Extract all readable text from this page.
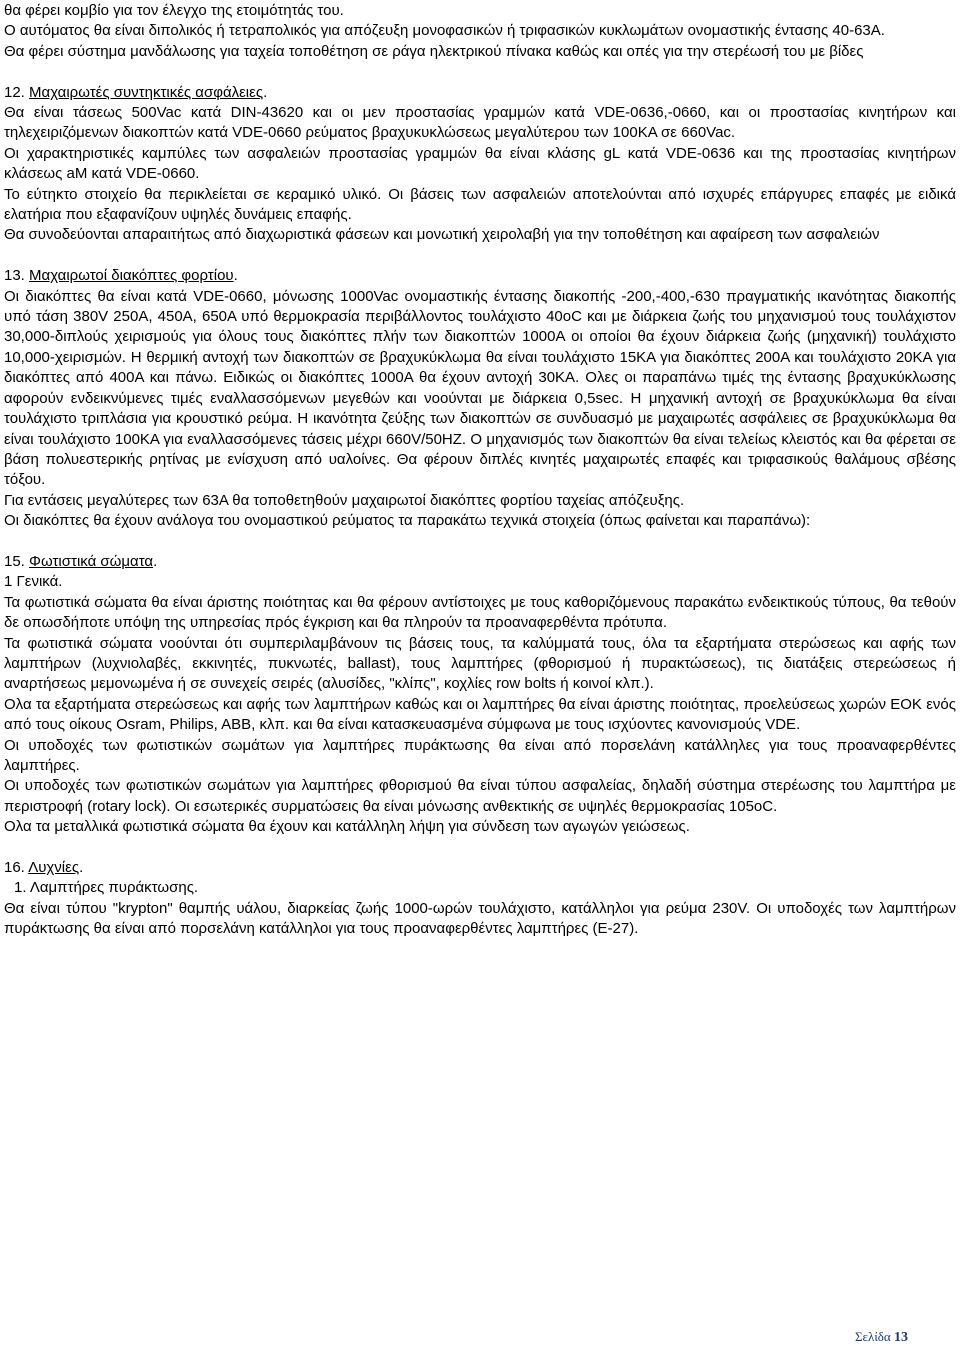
θα φέρει κομβίο για τον έλεγχο της ετοιμότητάς του.

Ο αυτόματος θα είναι διπολικός ή τετραπολικός για απόζευξη μονοφασικών ή τριφασικών κυκλωμάτων ονομαστικής έντασης 40-63Α.

Θα φέρει σύστημα μανδάλωσης για ταχεία τοποθέτηση σε ράγα ηλεκτρικού πίνακα καθώς και οπές για την στερέωσή του με βίδες

12. Μαχαιρωτές συντηκτικές ασφάλειες.

Θα είναι τάσεως 500Vac κατά DIN-43620 και οι μεν προστασίας γραμμών κατά VDE-0636,-0660, και οι προστασίας κινητήρων και τηλεχειριζόμενων διακοπτών κατά VDE-0660 ρεύματος βραχυκυκλώσεως μεγαλύτερου των 100ΚΑ σε 660Vac.

Οι χαρακτηριστικές καμπύλες των ασφαλειών προστασίας γραμμών θα είναι κλάσης gL κατά VDE-0636 και της προστασίας κινητήρων κλάσεως aM κατά VDE-0660.

Το εύτηκτο στοιχείο θα περικλείεται σε κεραμικό υλικό. Οι βάσεις των ασφαλειών αποτελούνται από ισχυρές επάργυρες επαφές με ειδικά ελατήρια που εξαφανίζουν υψηλές δυνάμεις επαφής.

Θα συνοδεύονται απαραιτήτως από διαχωριστικά φάσεων και μονωτική χειρολαβή για την τοποθέτηση και αφαίρεση των ασφαλειών

13. Μαχαιρωτοί διακόπτες φορτίου.

Οι διακόπτες θα είναι κατά VDE-0660, μόνωσης 1000Vac ονομαστικής έντασης διακοπής -200,-400,-630 πραγματικής ικανότητας διακοπής υπό τάση 380V 250A, 450A, 650A υπό θερμοκρασία περιβάλλοντος τουλάχιστο 40oC και με διάρκεια ζωής του μηχανισμού τους τουλάχιστον 30,000-διπλούς χειρισμούς για όλους τους διακόπτες πλήν των διακοπτών 1000Α οι οποίοι θα έχουν διάρκεια ζωής (μηχανική) τουλάχιστο 10,000-χειρισμών. Η θερμική αντοχή των διακοπτών σε βραχυκύκλωμα θα είναι τουλάχιστο 15ΚΑ για διακόπτες 200Α και τουλάχιστο 20ΚΑ για διακόπτες από 400Α και πάνω. Ειδικώς οι διακόπτες 1000Α θα έχουν αντοχή 30ΚΑ. Ολες οι παραπάνω τιμές της έντασης βραχυκύκλωσης αφορούν ενδεικνύμενες τιμές εναλλασσόμενων μεγεθών και νοούνται με διάρκεια 0,5sec. Η μηχανική αντοχή σε βραχυκύκλωμα θα είναι τουλάχιστο τριπλάσια για κρουστικό ρεύμα. Η ικανότητα ζεύξης των διακοπτών σε συνδυασμό με μαχαιρωτές ασφάλειες σε βραχυκύκλωμα θα είναι τουλάχιστο 100ΚΑ για εναλλασσόμενες τάσεις μέχρι 660V/50HZ. Ο μηχανισμός των διακοπτών θα είναι τελείως κλειστός και θα φέρεται σε βάση πολυεστερικής ρητίνας με ενίσχυση από υαλοίνες. Θα φέρουν διπλές κινητές μαχαιρωτές επαφές και τριφασικούς θαλάμους σβέσης τόξου.

Για εντάσεις μεγαλύτερες των 63Α θα τοποθετηθούν μαχαιρωτοί διακόπτες φορτίου ταχείας απόζευξης.

Οι διακόπτες θα έχουν ανάλογα του ονομαστικού ρεύματος τα παρακάτω τεχνικά στοιχεία (όπως φαίνεται και παραπάνω):

15. Φωτιστικά σώματα.

1 Γενικά.

Τα φωτιστικά σώματα θα είναι άριστης ποιότητας και θα φέρουν αντίστοιχες με τους καθοριζόμενους παρακάτω ενδεικτικούς τύπους, θα τεθούν δε οπωσδήποτε υπόψη της υπηρεσίας πρός έγκριση και θα πληρούν τα προαναφερθέντα πρότυπα.

Τα φωτιστικά σώματα νοούνται ότι συμπεριλαμβάνουν τις βάσεις τους, τα καλύμματά τους, όλα τα εξαρτήματα στερώσεως και αφής των λαμπτήρων (λυχνιολαβές, εκκινητές, πυκνωτές, ballast), τους λαμπτήρες (φθορισμού ή πυρακτώσεως), τις διατάξεις στερεώσεως ή αναρτήσεως μεμονωμένα ή σε συνεχείς σειρές (αλυσίδες, "κλίπς", κοχλίες row bolts ή κοινοί κλπ.).

Ολα τα εξαρτήματα στερεώσεως και αφής των λαμπτήρων καθώς και οι λαμπτήρες θα είναι άριστης ποιότητας, προελεύσεως χωρών ΕΟΚ ενός από τους οίκους Osram, Philips, ABB, κλπ. και θα είναι κατασκευασμένα σύμφωνα με τους ισχύοντες κανονισμούς VDE.

Οι υποδοχές των φωτιστικών σωμάτων για λαμπτήρες πυράκτωσης θα είναι από πορσελάνη κατάλληλες για τους προαναφερθέντες λαμπτήρες.

Οι υποδοχές των φωτιστικών σωμάτων για λαμπτήρες φθορισμού θα είναι τύπου ασφαλείας, δηλαδή σύστημα στερέωσης του λαμπτήρα με περιστροφή (rotary lock). Οι εσωτερικές συρματώσεις θα είναι μόνωσης ανθεκτικής σε υψηλές θερμοκρασίας 105oC.

Ολα τα μεταλλικά φωτιστικά σώματα θα έχουν και κατάλληλη λήψη για σύνδεση των αγωγών γειώσεως.

16. Λυχνίες.

1. Λαμπτήρες πυράκτωσης.

Θα είναι τύπου "krypton" θαμπής υάλου, διαρκείας ζωής 1000-ωρών τουλάχιστο, κατάλληλοι για ρεύμα 230V. Οι υποδοχές των λαμπτήρων πυράκτωσης θα είναι από πορσελάνη κατάλληλοι για τους προαναφερθέντες λαμπτήρες (E-27).

Σελίδα 13
